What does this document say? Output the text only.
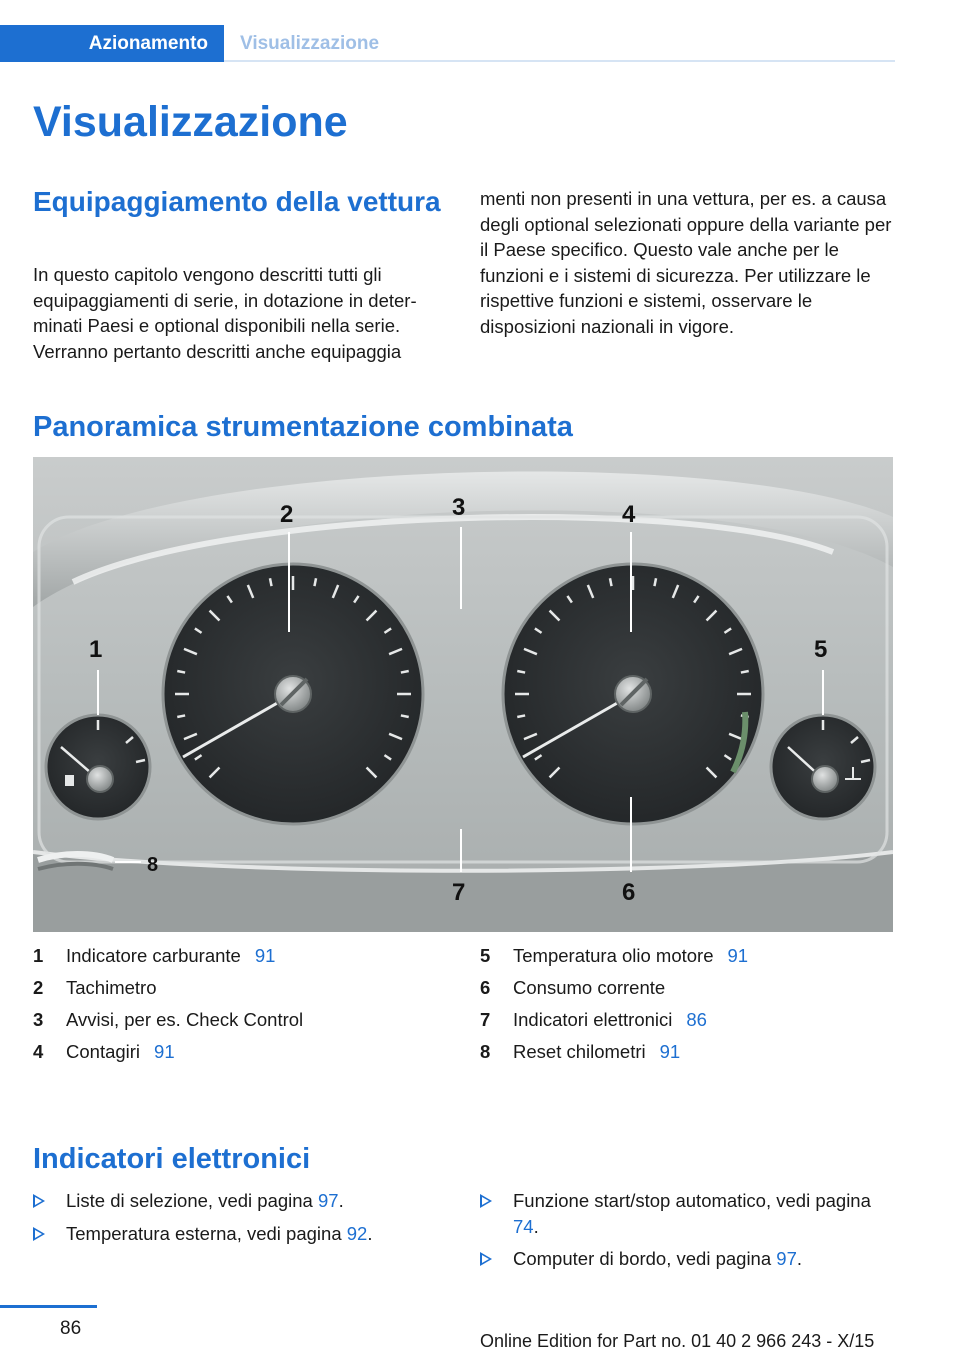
Azionamento	Visualizzazione
Visualizzazione
Equipaggiamento della vettura
In questo capitolo vengono descritti tutti gli equipaggiamenti di serie, in dotazione in determinati Paesi e optional disponibili nella serie. Verranno pertanto descritti anche equipaggia
menti non presenti in una vettura, per es. a causa degli optional selezionati oppure della variante per il Paese specifico. Questo vale anche per le funzioni e i sistemi di sicurezza. Per utilizzare le rispettive funzioni e sistemi, osservare le disposizioni nazionali in vigore.
Panoramica strumentazione combinata
1
2	3	4
5
6
7
8
1 Indicatore carburante 91
2 Tachimetro
3 Avvisi, per es. Check Control
4 Contagiri 91
5 Temperatura olio motore 91
6 Consumo corrente
7 Indicatori elettronici 86
8 Reset chilometri 91
Indicatori elettronici
Liste di selezione, vedi pagina 97.
Temperatura esterna, vedi pagina 92.
Funzione start/stop automatico, vedi pagina 74.
Computer di bordo, vedi pagina 97.
86
Online Edition for Part no. 01 40 2 966 243 - X/15
